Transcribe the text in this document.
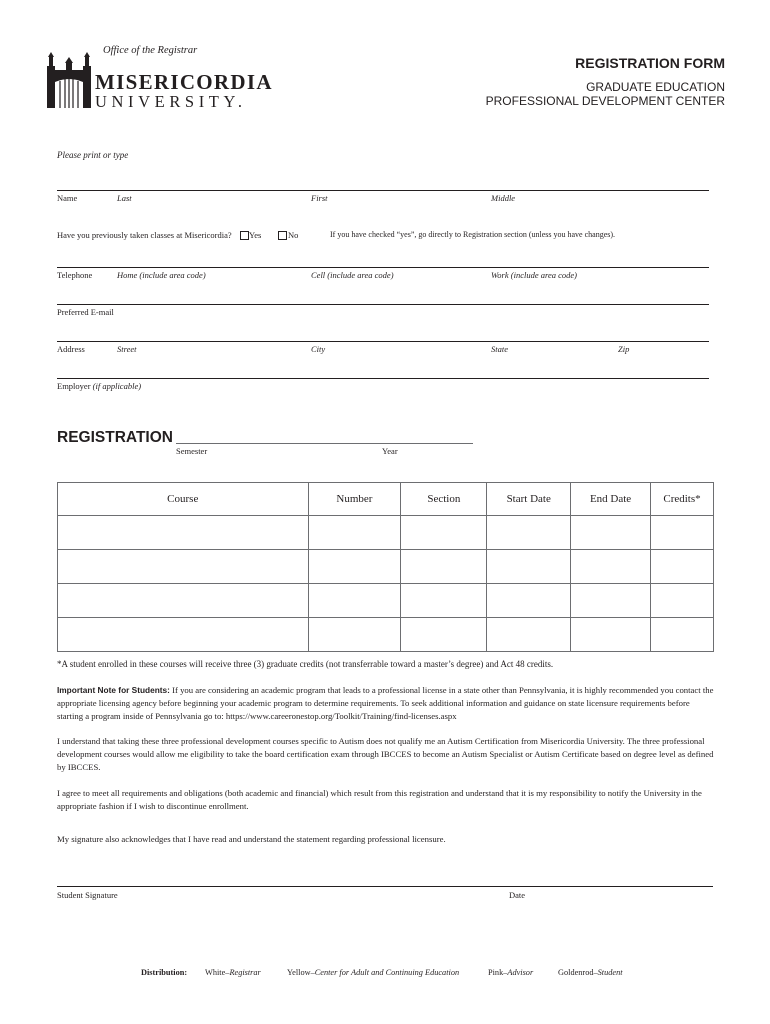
Office of the Registrar
MISERICORDIA
UNIVERSITY.
REGISTRATION FORM
GRADUATE EDUCATION
PROFESSIONAL DEVELOPMENT CENTER
Please print or type
Name	Last	First	Middle
Have you previously taken classes at Misericordia? Yes	No	If you have checked “yes”, go directly to Registration section (unless you have changes).
Telephone	Home (include area code)	Cell (include area code)	Work (include area code)
Preferred E-mail
Address	Street	City	State	Zip
Employer (if applicable)
REGISTRATION
Semester	Year
Course	Number	Section	Start Date	End Date	Credits*

*A student enrolled in these courses will receive three (3) graduate credits (not transferrable toward a master’s degree) and Act 48 credits.
Important Note for Students: If you are considering an academic program that leads to a professional license in a state other than Pennsylvania, it is highly recommended you contact the appropriate licensing agency before beginning your academic program to determine requirements. To seek additional information and guidance on state licensure requirements before starting a program inside of Pennsylvania go to: https://www.careeronestop.org/Toolkit/Training/find-licenses.aspx
I understand that taking these three professional development courses specific to Autism does not qualify me an Autism Certification from Misericordia University. The three professional development courses would allow me eligibility to take the board certification exam through IBCCES to become an Autism Specialist or Autism Certificate based on degree level as defined by IBCCES.
I agree to meet all requirements and obligations (both academic and financial) which result from this registration and understand that it is my responsibility to notify the University in the appropriate fashion if I wish to discontinue enrollment.
My signature also acknowledges that I have read and understand the statement regarding professional licensure.
Student Signature	Date
Distribution: White–Registrar	Yellow–Center for Adult and Continuing Education	Pink–Advisor	Goldenrod–Student
